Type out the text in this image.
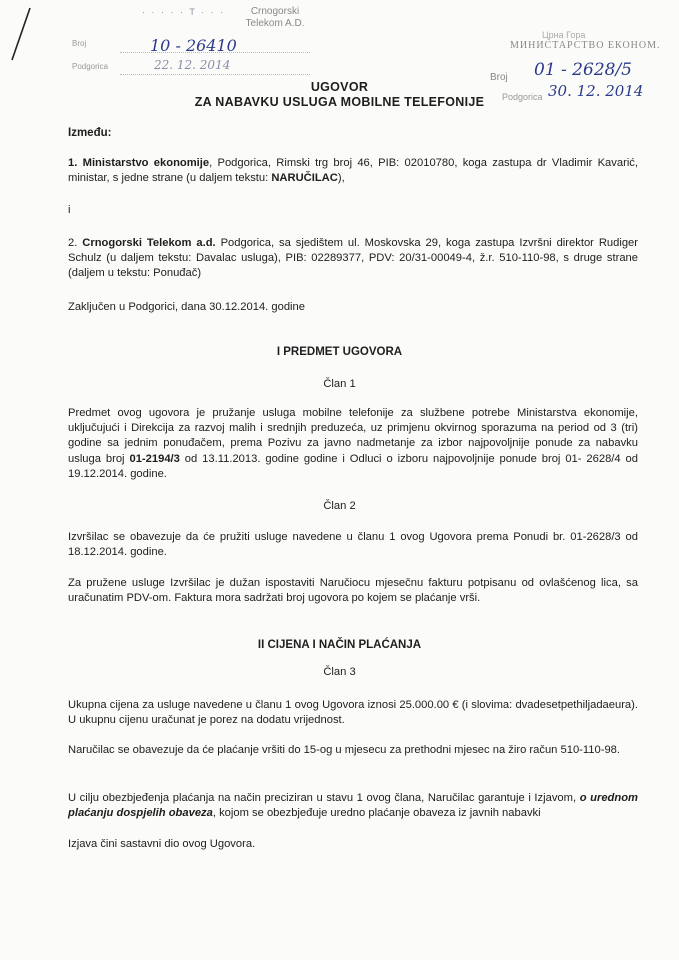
· · · · · T · · ·	Crnogorski Telekom A.D.
Broj	10 - 26410
Podgorica	22. 12. 2014
Црна Гора
МИНИСТАРСТВО ЕКОНОМ.
Broj 01 - 2628/5
Podgorica 30. 12. 2014
UGOVOR
ZA NABAVKU USLUGA MOBILNE TELEFONIJE

Između:

1. Ministarstvo ekonomije, Podgorica, Rimski trg broj 46, PIB: 02010780, koga zastupa dr Vladimir Kavarić, ministar, s jedne strane (u daljem tekstu: NARUČILAC),

i

2. Crnogorski Telekom a.d. Podgorica, sa sjedištem ul. Moskovska 29, koga zastupa Izvršni direktor Rudiger Schulz (u daljem tekstu: Davalac usluga), PIB: 02289377, PDV: 20/31-00049-4, ž.r. 510-110-98, s druge strane (daljem u tekstu: Ponuđač)

Zaključen u Podgorici, dana 30.12.2014. godine

I PREDMET UGOVORA

Član 1

Predmet ovog ugovora je pružanje usluga mobilne telefonije za službene potrebe Ministarstva ekonomije, uključujući i Direkcija za razvoj malih i srednjih preduzeća, uz primjenu okvirnog sporazuma na period od 3 (tri) godine sa jednim ponuđačem, prema Pozivu za javno nadmetanje za izbor najpovoljnije ponude za nabavku usluga broj 01-2194/3 od 13.11.2013. godine godine i Odluci o izboru najpovoljnije ponude broj 01- 2628/4 od 19.12.2014. godine.

Član 2

Izvršilac se obavezuje da će pružiti usluge navedene u članu 1 ovog Ugovora prema Ponudi br. 01-2628/3 od 18.12.2014. godine.

Za pružene usluge Izvršilac je dužan ispostaviti Naručiocu mjesečnu fakturu potpisanu od ovlašćenog lica, sa uračunatim PDV-om. Faktura mora sadržati broj ugovora po kojem se plaćanje vrši.

II CIJENA I NAČIN PLAĆANJA

Član 3

Ukupna cijena za usluge navedene u članu 1 ovog Ugovora iznosi 25.000.00 € (i slovima: dvadesetpethiljadaeura). U ukupnu cijenu uračunat je porez na dodatu vrijednost.

Naručilac se obavezuje da će plaćanje vršiti do 15-og u mjesecu za prethodni mjesec na žiro račun 510-110-98.

U cilju obezbjeđenja plaćanja na način preciziran u stavu 1 ovog člana, Naručilac garantuje i Izjavom, o urednom plaćanju dospjelih obaveza, kojom se obezbjeđuje uredno plaćanje obaveza iz javnih nabavki

Izjava čini sastavni dio ovog Ugovora.
